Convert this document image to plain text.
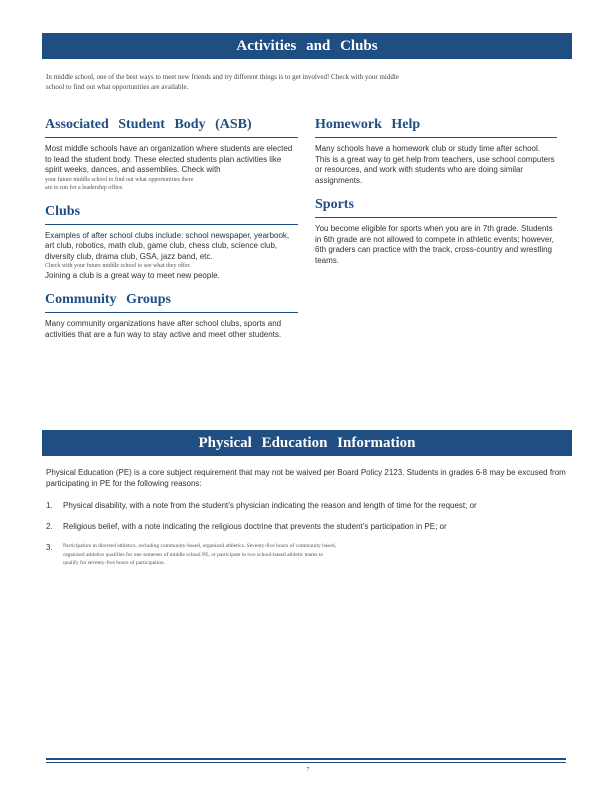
Activities and Clubs
In middle school, one of the best ways to meet new friends and try different things is to get involved! Check with your middle
school to find out what opportunities are available.
Associated Student Body (ASB)
Most middle schools have an organization where students are elected to lead the student body. These elected students plan activities like spirit weeks, dances, and assemblies. Check with
your future middle school to find out what opportunities there
are to run for a leadership office.
Clubs
Examples of after school clubs include: school newspaper, yearbook, art club, robotics, math club, game club, chess club, science club, diversity club, drama club, GSA, jazz band, etc.
Check with your future middle school to see what they offer.
Joining a club is a great way to meet new people.
Community Groups
Many community organizations have after school clubs, sports and activities that are a fun way to stay active and meet other students.
Homework Help
Many schools have a homework club or study time after school. This is a great way to get help from teachers, use school computers or resources, and work with students who are doing similar assignments.
Sports
You become eligible for sports when you are in 7th grade. Students in 6th grade are not allowed to compete in athletic events; however, 6th graders can practice with the track, cross-country and wrestling teams.
Physical Education Information
Physical Education (PE) is a core subject requirement that may not be waived per Board Policy 2123. Students in grades 6-8 may be excused from participating in PE for the following reasons:
1.	Physical disability, with a note from the student’s physician indicating the reason and length of time for the request; or
2.	Religious belief, with a note indicating the religious doctrine that prevents the student’s participation in PE; or
3.	Participation in directed athletics, including community-based, organized athletics. Seventy-five hours of community based,
organized athletics qualifies for one semester of middle school PE, or participate in two school-based athletic teams to
qualify for seventy-five hours of participation.
7
